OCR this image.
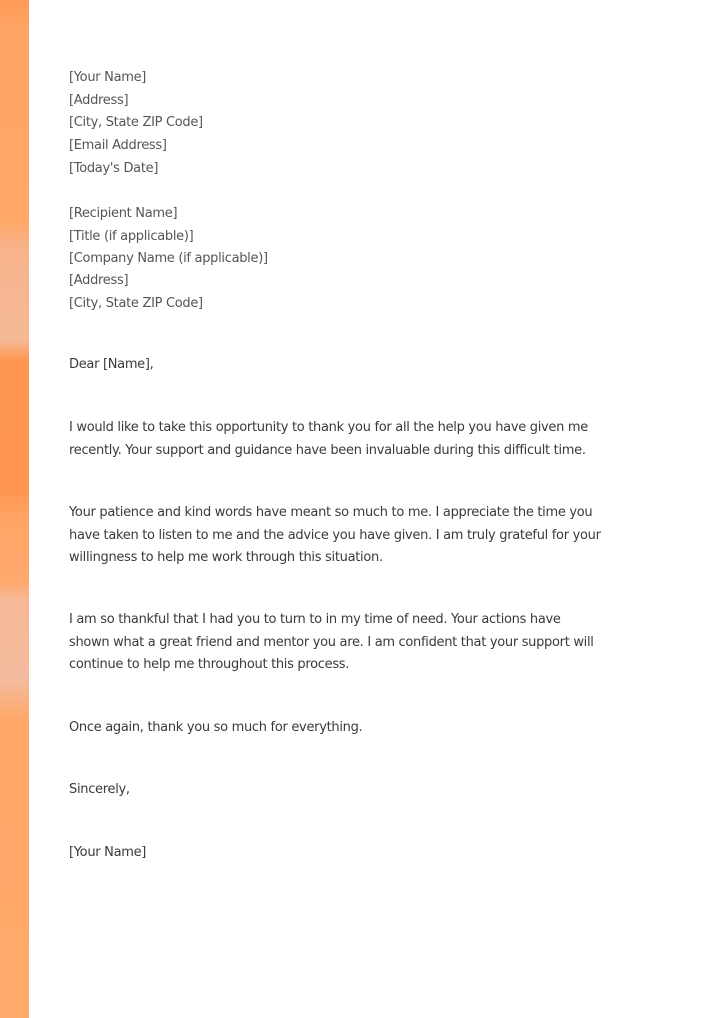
[Your Name]
[Address]
[City, State ZIP Code]
[Email Address]
[Today's Date]
[Recipient Name]
[Title (if applicable)]
[Company Name (if applicable)]
[Address]
[City, State ZIP Code]
Dear [Name],
I would like to take this opportunity to thank you for all the help you have given me
recently. Your support and guidance have been invaluable during this difficult time.
Your patience and kind words have meant so much to me. I appreciate the time you
have taken to listen to me and the advice you have given. I am truly grateful for your
willingness to help me work through this situation.
I am so thankful that I had you to turn to in my time of need. Your actions have
shown what a great friend and mentor you are. I am confident that your support will
continue to help me throughout this process.
Once again, thank you so much for everything.
Sincerely,
[Your Name]
